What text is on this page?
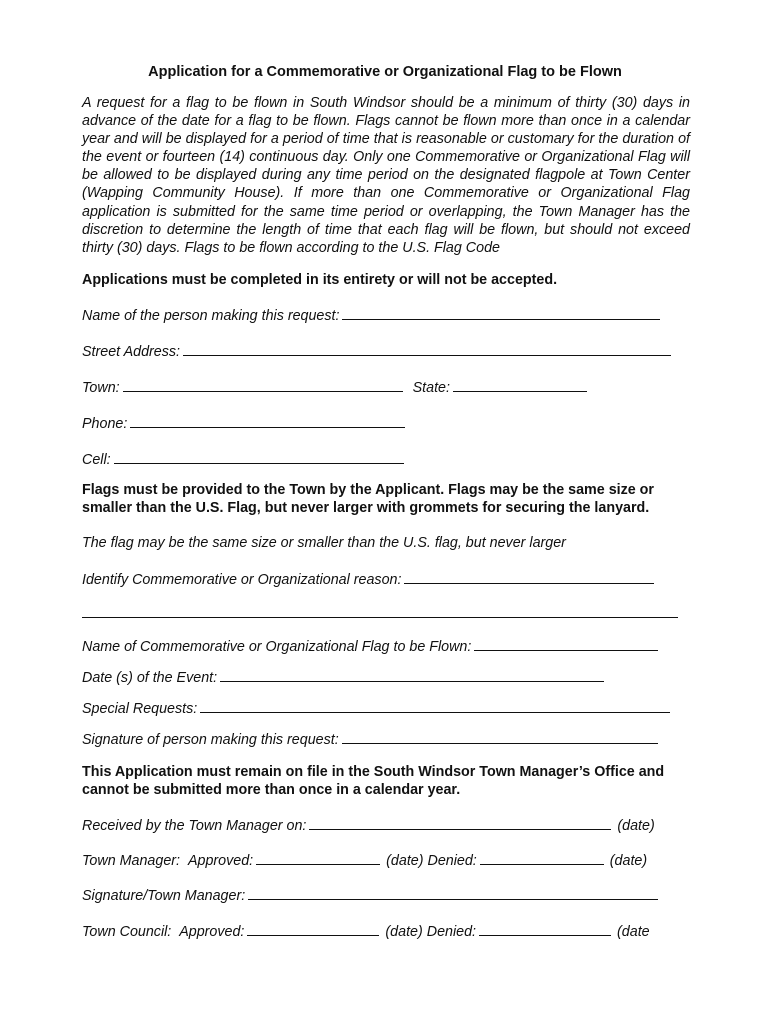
Application for a Commemorative or Organizational Flag to be Flown

A request for a flag to be flown in South Windsor should be a minimum of thirty (30) days in advance of the date for a flag to be flown. Flags cannot be flown more than once in a calendar year and will be displayed for a period of time that is reasonable or customary for the duration of the event or fourteen (14) continuous day. Only one Commemorative or Organizational Flag will be allowed to be displayed during any time period on the designated flagpole at Town Center (Wapping Community House). If more than one Commemorative or Organizational Flag application is submitted for the same time period or overlapping, the Town Manager has the discretion to determine the length of time that each flag will be flown, but should not exceed thirty (30) days. Flags to be flown according to the U.S. Flag Code

Applications must be completed in its entirety or will not be accepted.

Name of the person making this request:
Street Address:
Town:	State:
Phone:
Cell:

Flags must be provided to the Town by the Applicant. Flags may be the same size or smaller than the U.S. Flag, but never larger with grommets for securing the lanyard.

The flag may be the same size or smaller than the U.S. flag, but never larger
Identify Commemorative or Organizational reason:
Name of Commemorative or Organizational Flag to be Flown:
Date (s) of the Event:
Special Requests:
Signature of person making this request:

This Application must remain on file in the South Windsor Town Manager’s Office and cannot be submitted more than once in a calendar year.

Received by the Town Manager on:	(date)
Town Manager: Approved:	(date) Denied:	(date)
Signature/Town Manager:
Town Council: Approved:	(date) Denied:	(date
